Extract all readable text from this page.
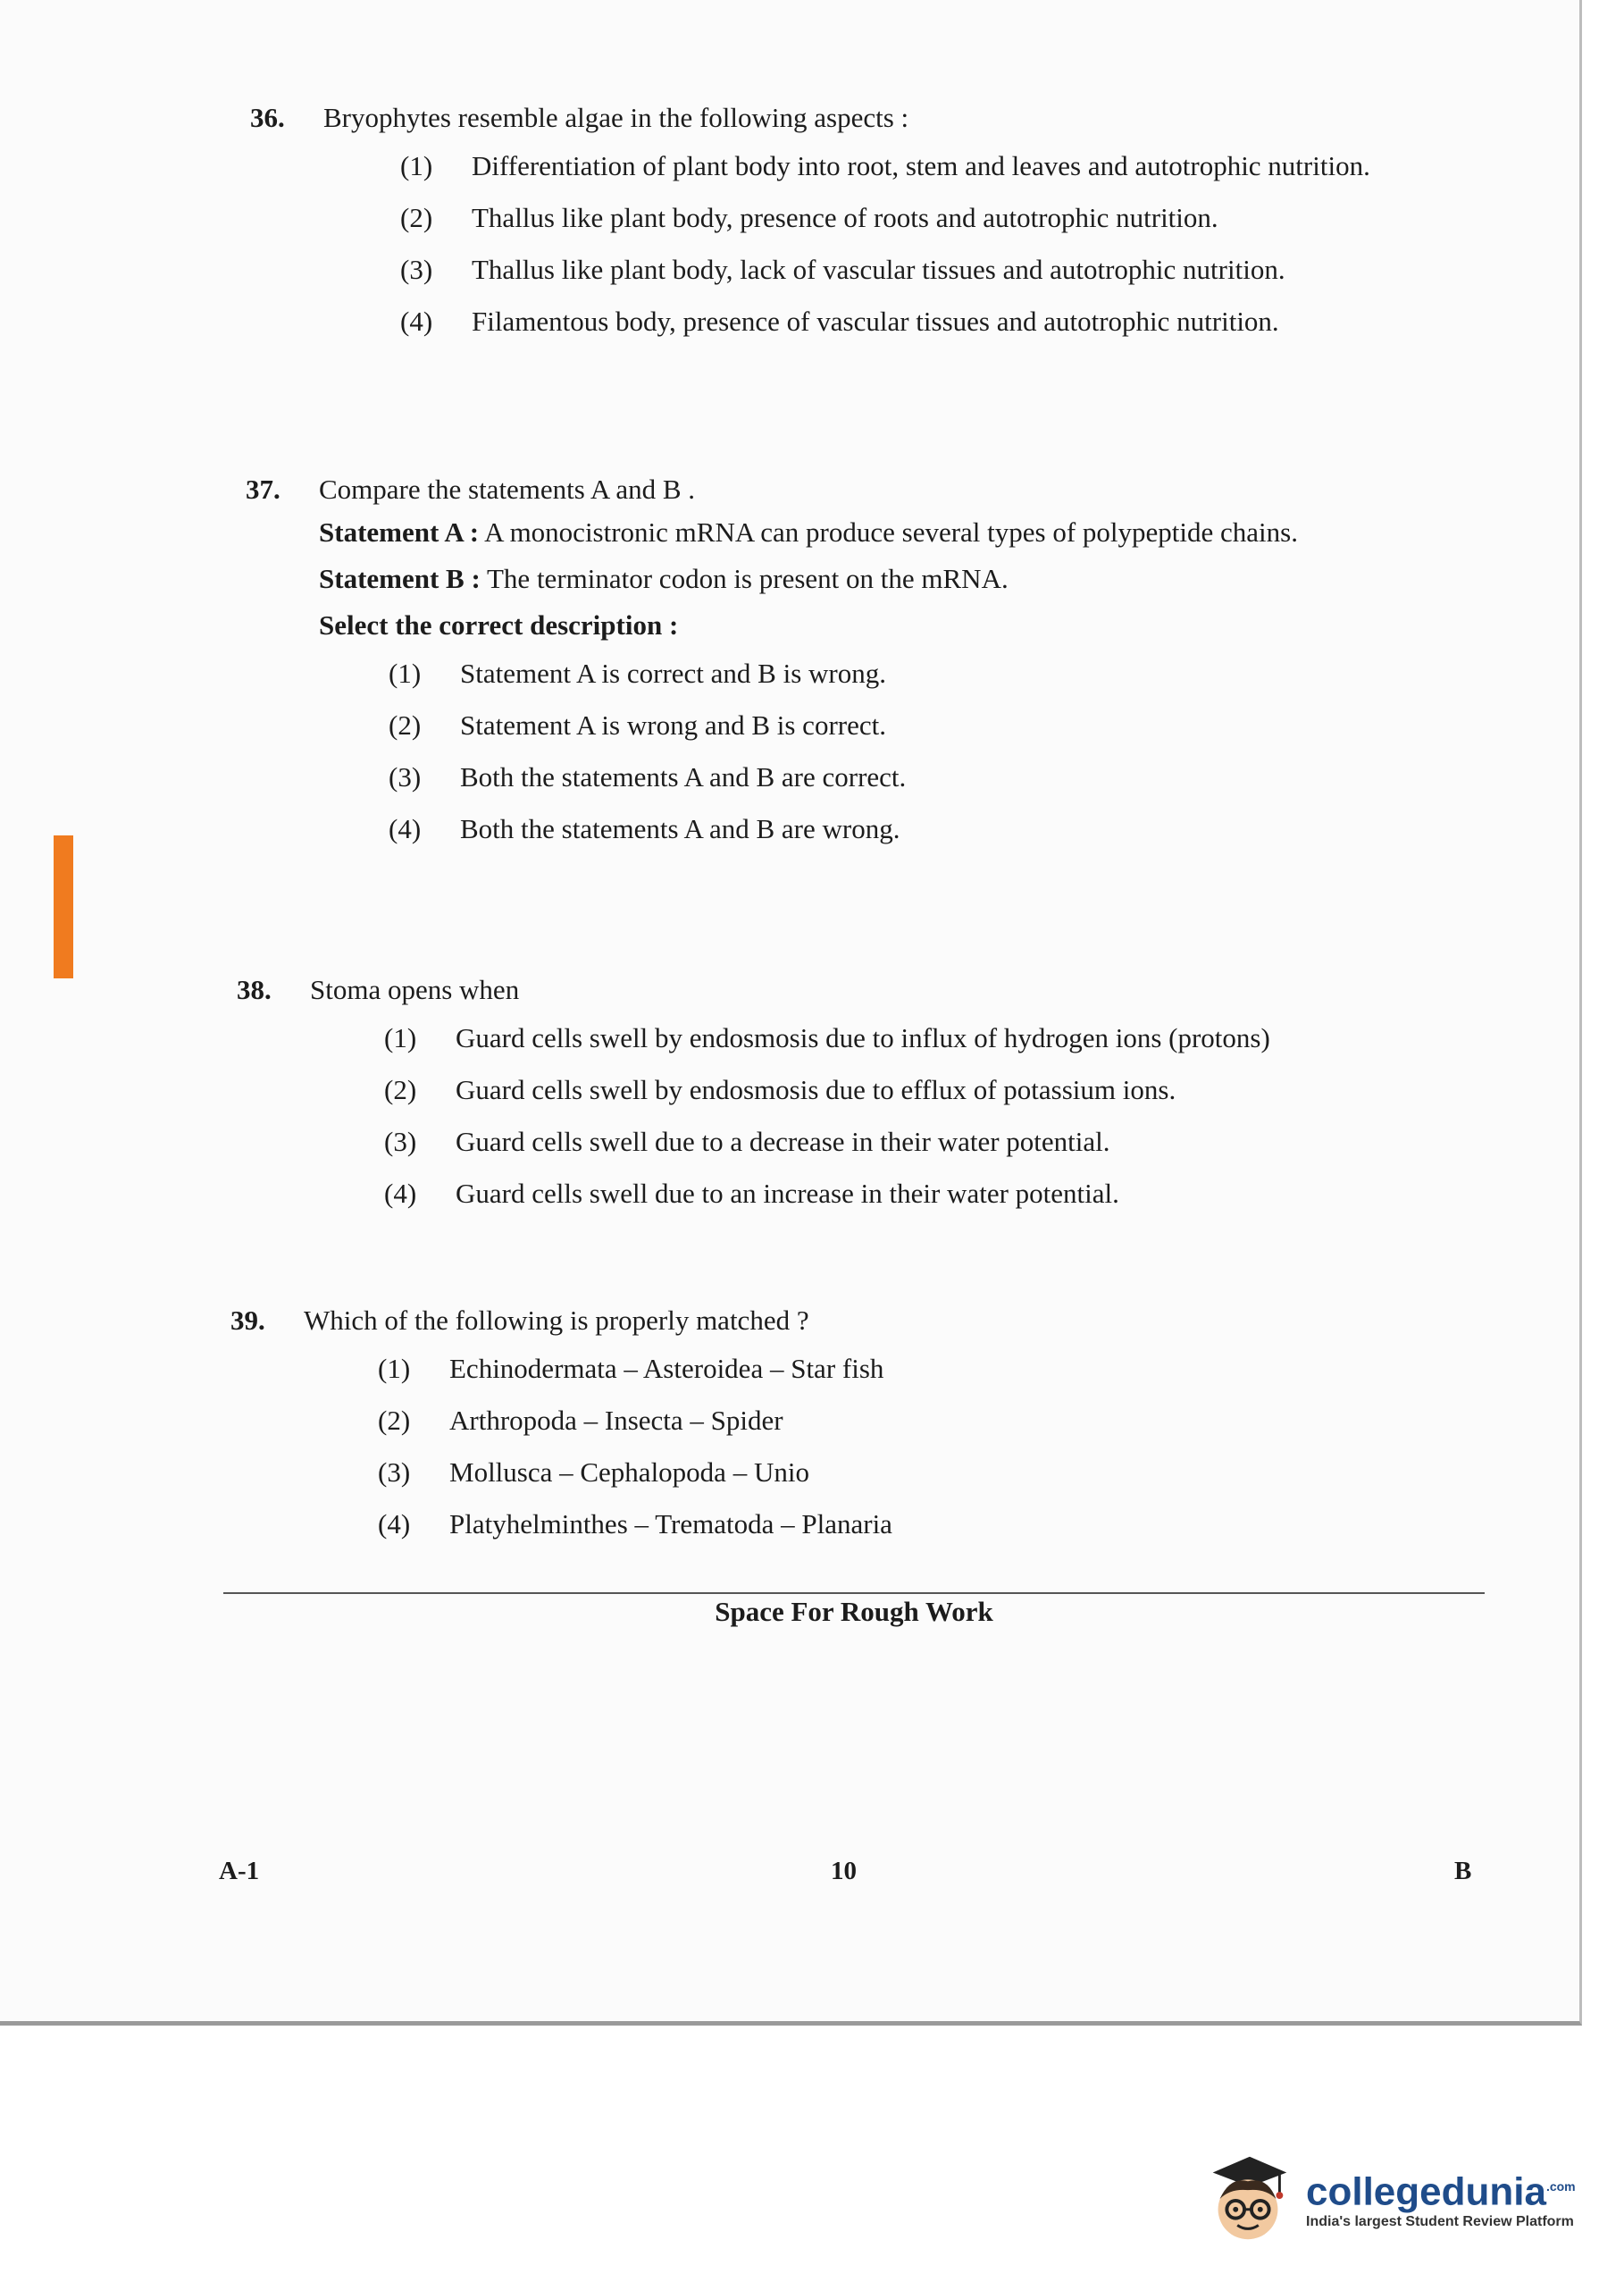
36.	Bryophytes resemble algae in the following aspects :
(1)	Differentiation of plant body into root, stem and leaves and autotrophic nutrition.
(2)	Thallus like plant body, presence of roots and autotrophic nutrition.
(3)	Thallus like plant body, lack of vascular tissues and autotrophic nutrition.
(4)	Filamentous body, presence of vascular tissues and autotrophic nutrition.
37.	Compare the statements A and B .
Statement A : A monocistronic mRNA can produce several types of polypeptide chains.
Statement B : The terminator codon is present on the mRNA.
Select the correct description :
(1)	Statement A is correct and B is wrong.
(2)	Statement A is wrong and B is correct.
(3)	Both the statements A and B are correct.
(4)	Both the statements A and B are wrong.
38.	Stoma opens when
(1)	Guard cells swell by endosmosis due to influx of hydrogen ions (protons)
(2)	Guard cells swell by endosmosis due to efflux of potassium ions.
(3)	Guard cells swell due to a decrease in their water potential.
(4)	Guard cells swell due to an increase in their water potential.
39.	Which of the following is properly matched ?
(1)	Echinodermata – Asteroidea – Star fish
(2)	Arthropoda – Insecta – Spider
(3)	Mollusca – Cephalopoda – Unio
(4)	Platyhelminthes – Trematoda – Planaria
Space For Rough Work
A-1	10	B
collegedunia$^{.com}$
India's largest Student Review Platform
